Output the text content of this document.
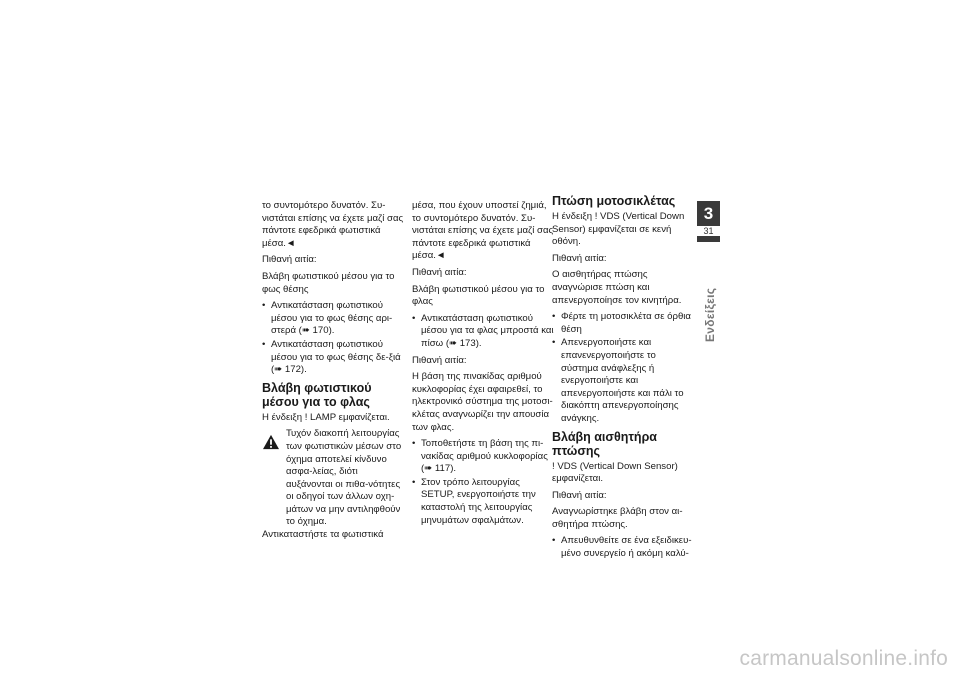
το συντομότερο δυνατόν. Συ-νιστάται επίσης να έχετε μαζί σας πάντοτε εφεδρικά φωτιστικά μέσα.◄

Πιθανή αιτία:

Βλάβη φωτιστικού μέσου για το φως θέσης

• Αντικατάσταση φωτιστικού μέσου για το φως θέσης αρι-στερά (➠ 170).
• Αντικατάσταση φωτιστικού μέσου για το φως θέσης δε-ξιά (➠ 172).
Βλάβη φωτιστικού μέσου για το φλας

Η ένδειξη ! LAMP εμφανίζεται.

Τυχόν διακοπή λειτουργίας των φωτιστικών μέσων στο όχημα αποτελεί κίνδυνο ασφα-λείας, διότι αυξάνονται οι πιθα-νότητες οι οδηγοί των άλλων οχη-μάτων να μην αντιληφθούν το όχημα.

Αντικαταστήστε τα φωτιστικά

μέσα, που έχουν υποστεί ζημιά, το συντομότερο δυνατόν. Συ-νιστάται επίσης να έχετε μαζί σας πάντοτε εφεδρικά φωτιστικά μέσα.◄

Πιθανή αιτία:

Βλάβη φωτιστικού μέσου για το φλας

• Αντικατάσταση φωτιστικού μέσου για τα φλας μπροστά και πίσω (➠ 173).

Πιθανή αιτία:

Η βάση της πινακίδας αριθμού κυκλοφορίας έχει αφαιρεθεί, το ηλεκτρονικό σύστημα της μοτοσι-κλέτας αναγνωρίζει την απουσία των φλας.

• Τοποθετήστε τη βάση της πι-νακίδας αριθμού κυκλοφορίας (➠ 117).
• Στον τρόπο λειτουργίας SETUP, ενεργοποιήστε την καταστολή της λειτουργίας μηνυμάτων σφαλμάτων.
Πτώση μοτοσικλέτας

Η ένδειξη ! VDS (Vertical Down Sensor) εμφανίζεται σε κενή οθόνη.

Πιθανή αιτία:

Ο αισθητήρας πτώσης αναγνώρισε πτώση και απενεργοποίησε τον κινητήρα.

• Φέρτε τη μοτοσικλέτα σε όρθια θέση
• Απενεργοποιήστε και επανενεργοποιήστε το σύστημα ανάφλεξης ή ενεργοποιήστε και απενεργοποιήστε και πάλι το διακόπτη απενεργοποίησης ανάγκης.
Βλάβη αισθητήρα πτώσης

! VDS (Vertical Down Sensor) εμφανίζεται.

Πιθανή αιτία:

Αναγνωρίστηκε βλάβη στον αι-σθητήρα πτώσης.

• Απευθυνθείτε σε ένα εξειδικευ-μένο συνεργείο ή ακόμη καλύ-
3
31
Ενδείξεις
carmanualsonline.info
